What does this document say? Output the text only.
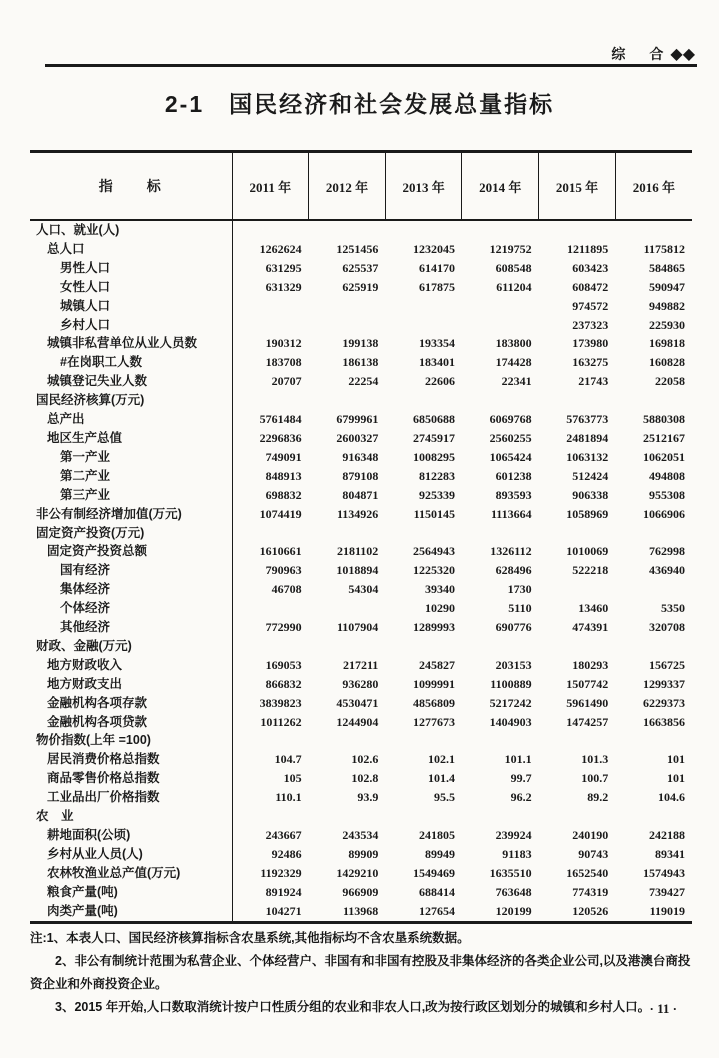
综　合 ◆◆
2-1　国民经济和社会发展总量指标
指　　标	2011 年	2012 年	2013 年	2014 年	2015 年	2016 年
人口、就业(人)						
总人口	1262624	1251456	1232045	1219752	1211895	1175812
男性人口	631295	625537	614170	608548	603423	584865
女性人口	631329	625919	617875	611204	608472	590947
城镇人口					974572	949882
乡村人口					237323	225930
城镇非私营单位从业人员数	190312	199138	193354	183800	173980	169818
#在岗职工人数	183708	186138	183401	174428	163275	160828
城镇登记失业人数	20707	22254	22606	22341	21743	22058
国民经济核算(万元)						
总产出	5761484	6799961	6850688	6069768	5763773	5880308
地区生产总值	2296836	2600327	2745917	2560255	2481894	2512167
第一产业	749091	916348	1008295	1065424	1063132	1062051
第二产业	848913	879108	812283	601238	512424	494808
第三产业	698832	804871	925339	893593	906338	955308
非公有制经济增加值(万元)	1074419	1134926	1150145	1113664	1058969	1066906
固定资产投资(万元)						
固定资产投资总额	1610661	2181102	2564943	1326112	1010069	762998
国有经济	790963	1018894	1225320	628496	522218	436940
集体经济	46708	54304	39340	1730		
个体经济			10290	5110	13460	5350
其他经济	772990	1107904	1289993	690776	474391	320708
财政、金融(万元)						
地方财政收入	169053	217211	245827	203153	180293	156725
地方财政支出	866832	936280	1099991	1100889	1507742	1299337
金融机构各项存款	3839823	4530471	4856809	5217242	5961490	6229373
金融机构各项贷款	1011262	1244904	1277673	1404903	1474257	1663856
物价指数(上年 =100)						
居民消费价格总指数	104.7	102.6	102.1	101.1	101.3	101
商品零售价格总指数	105	102.8	101.4	99.7	100.7	101
工业品出厂价格指数	110.1	93.9	95.5	96.2	89.2	104.6
农　业						
耕地面积(公顷)	243667	243534	241805	239924	240190	242188
乡村从业人员(人)	92486	89909	89949	91183	90743	89341
农林牧渔业总产值(万元)	1192329	1429210	1549469	1635510	1652540	1574943
粮食产量(吨)	891924	966909	688414	763648	774319	739427
肉类产量(吨)	104271	113968	127654	120199	120526	119019

注:1、本表人口、国民经济核算指标含农垦系统,其他指标均不含农垦系统数据。

2、非公有制统计范围为私营企业、个体经营户、非国有和非国有控股及非集体经济的各类企业公司,以及港澳台商投资企业和外商投资企业。

3、2015 年开始,人口数取消统计按户口性质分组的农业和非农人口,改为按行政区划划分的城镇和乡村人口。 · 11 ·
